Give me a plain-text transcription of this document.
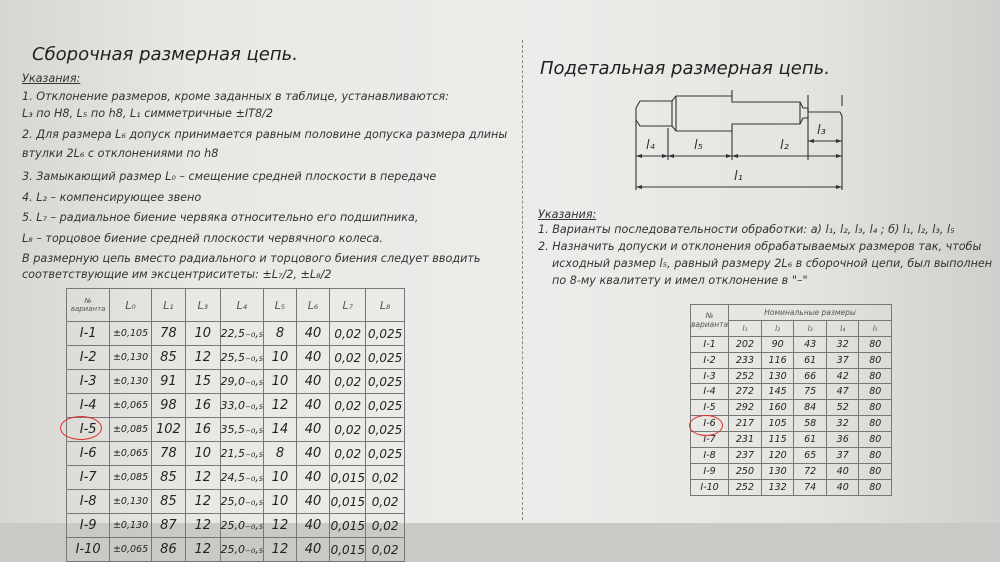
Сборочная размерная цепь.
Указания:
1. Отклонение размеров, кроме заданных в таблице, устанавливаются:
L₃ по Н8, L₅ по h8, L₁ симметричные ±IT8/2
2. Для размера L₆ допуск принимается равным половине допуска размера длины
втулки 2L₆ с отклонениями по h8
3. Замыкающий размер L₀ – смещение средней плоскости в передаче
4. L₂ – компенсирующее звено
5. L₇ – радиальное биение червяка относительно его подшипника,
L₈ – торцовое биение средней плоскости червячного колеса.
В размерную цепь вместо радиального и торцового биения следует вводить
соответствующие им эксцентриситеты: ±L₇/2, ±L₈/2
№ варианта	L₀	L₁	L₃	L₄	L₅	L₆	L₇	L₈
I-1	±0,105	78	10	22,5₋₀,₅	8	40	0,02	0,025
I-2	±0,130	85	12	25,5₋₀,₅	10	40	0,02	0,025
I-3	±0,130	91	15	29,0₋₀,₅	10	40	0,02	0,025
I-4	±0,065	98	16	33,0₋₀,₅	12	40	0,02	0,025
I-5	±0,085	102	16	35,5₋₀,₅	14	40	0,02	0,025
I-6	±0,065	78	10	21,5₋₀,₅	8	40	0,02	0,025
I-7	±0,085	85	12	24,5₋₀,₅	10	40	0,015	0,02
I-8	±0,130	85	12	25,0₋₀,₅	10	40	0,015	0,02
I-9	±0,130	87	12	25,0₋₀,₅	12	40	0,015	0,02
I-10	±0,065	86	12	25,0₋₀,₅	12	40	0,015	0,02
Подетальная размерная цепь.
l₄	l₅	l₂
l₃
l₁
Указания:
1. Варианты последовательности обработки: а) l₁, l₂, l₃, l₄ ; б) l₁, l₂, l₃, l₅
2. Назначить допуски и отклонения обрабатываемых размеров так, чтобы
исходный размер l₅, равный размеру 2L₆ в сборочной цепи, был выполнен
по 8-му квалитету и имел отклонение в "–"
№ варианта	Номинальные размеры				
	l₁	l₂	l₃	l₄	l₅
I-1	202	90	43	32	80
I-2	233	116	61	37	80
I-3	252	130	66	42	80
I-4	272	145	75	47	80
I-5	292	160	84	52	80
I-6	217	105	58	32	80
I-7	231	115	61	36	80
I-8	237	120	65	37	80
I-9	250	130	72	40	80
I-10	252	132	74	40	80
